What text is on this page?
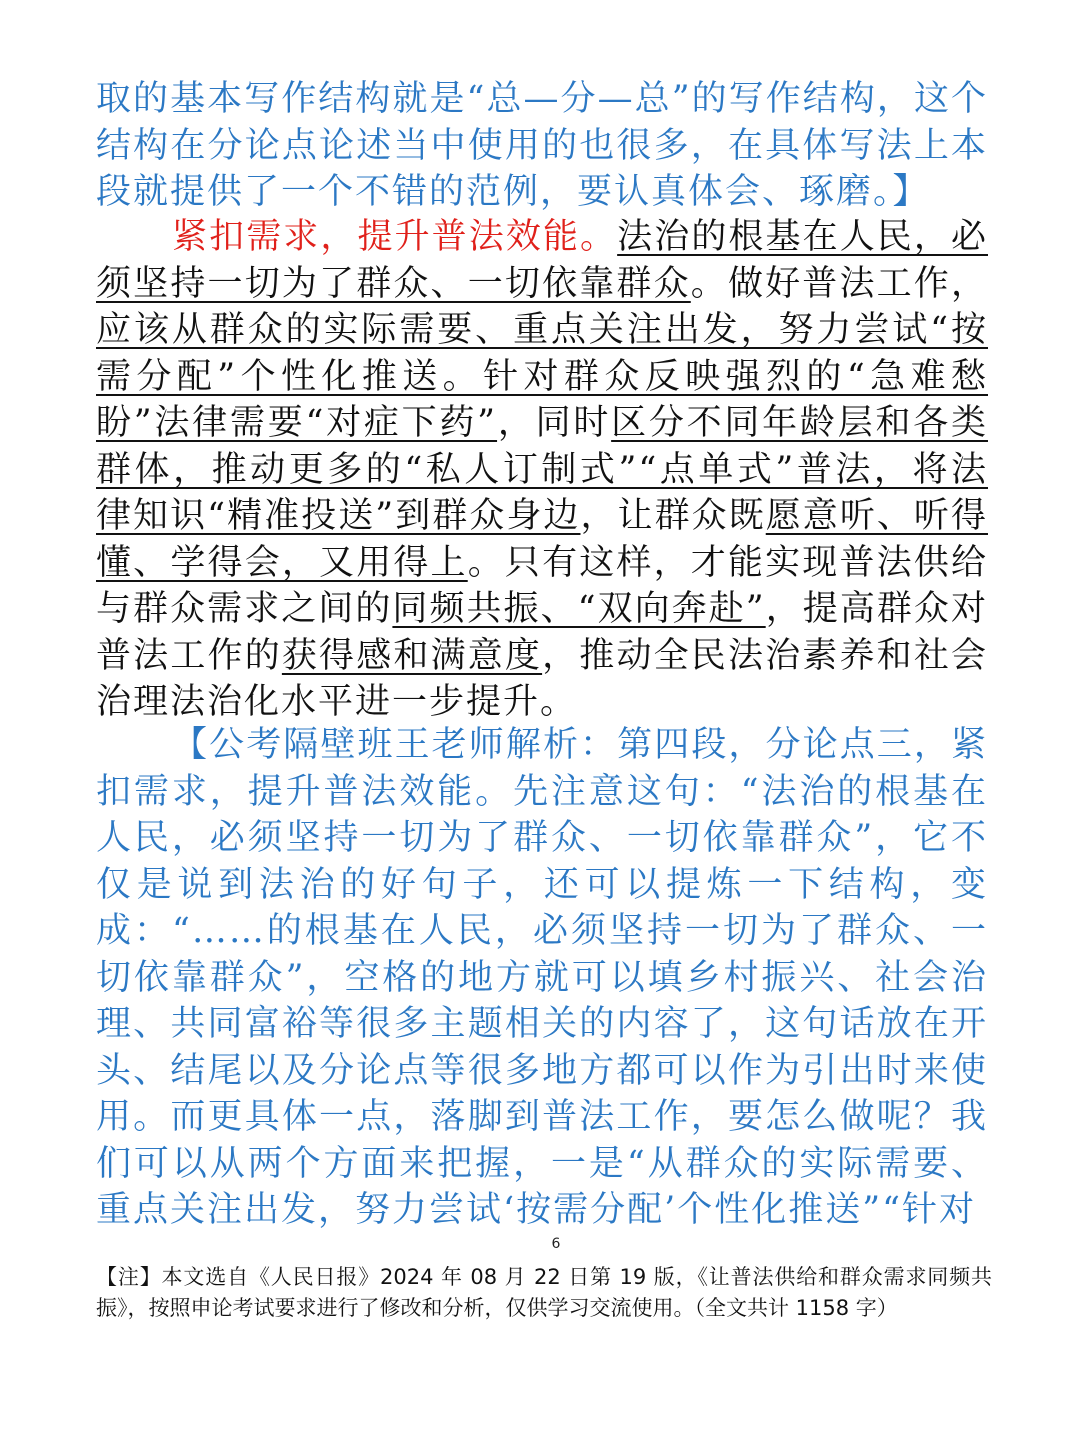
取的基本写作结构就是“总—分—总”的写作结构，这个结构在分论点论述当中使用的也很多，在具体写法上本段就提供了一个不错的范例，要认真体会、琢磨。】

紧扣需求，提升普法效能。法治的根基在人民，必须坚持一切为了群众、一切依靠群众。做好普法工作，应该从群众的实际需要、重点关注出发，努力尝试“按需分配”个性化推送。针对群众反映强烈的“急难愁盼”法律需要“对症下药”，同时区分不同年龄层和各类群体，推动更多的“私人订制式”“点单式”普法，将法律知识“精准投送”到群众身边，让群众既愿意听、听得懂、学得会，又用得上。只有这样，才能实现普法供给与群众需求之间的同频共振、“双向奔赴”，提高群众对普法工作的获得感和满意度，推动全民法治素养和社会治理法治化水平进一步提升。

【公考隔壁班王老师解析：第四段，分论点三，紧扣需求，提升普法效能。先注意这句：“法治的根基在人民，必须坚持一切为了群众、一切依靠群众”，它不仅是说到法治的好句子，还可以提炼一下结构，变成：“……的根基在人民，必须坚持一切为了群众、一切依靠群众”，空格的地方就可以填乡村振兴、社会治理、共同富裕等很多主题相关的内容了，这句话放在开头、结尾以及分论点等很多地方都可以作为引出时来使用。而更具体一点，落脚到普法工作，要怎么做呢？我们可以从两个方面来把握，一是“从群众的实际需要、重点关注出发，努力尝试‘按需分配’个性化推送”“针对

6

【注】本文选自《人民日报》2024 年 08 月 22 日第 19 版，《让普法供给和群众需求同频共振》，按照申论考试要求进行了修改和分析，仅供学习交流使用。（全文共计 1158 字）
